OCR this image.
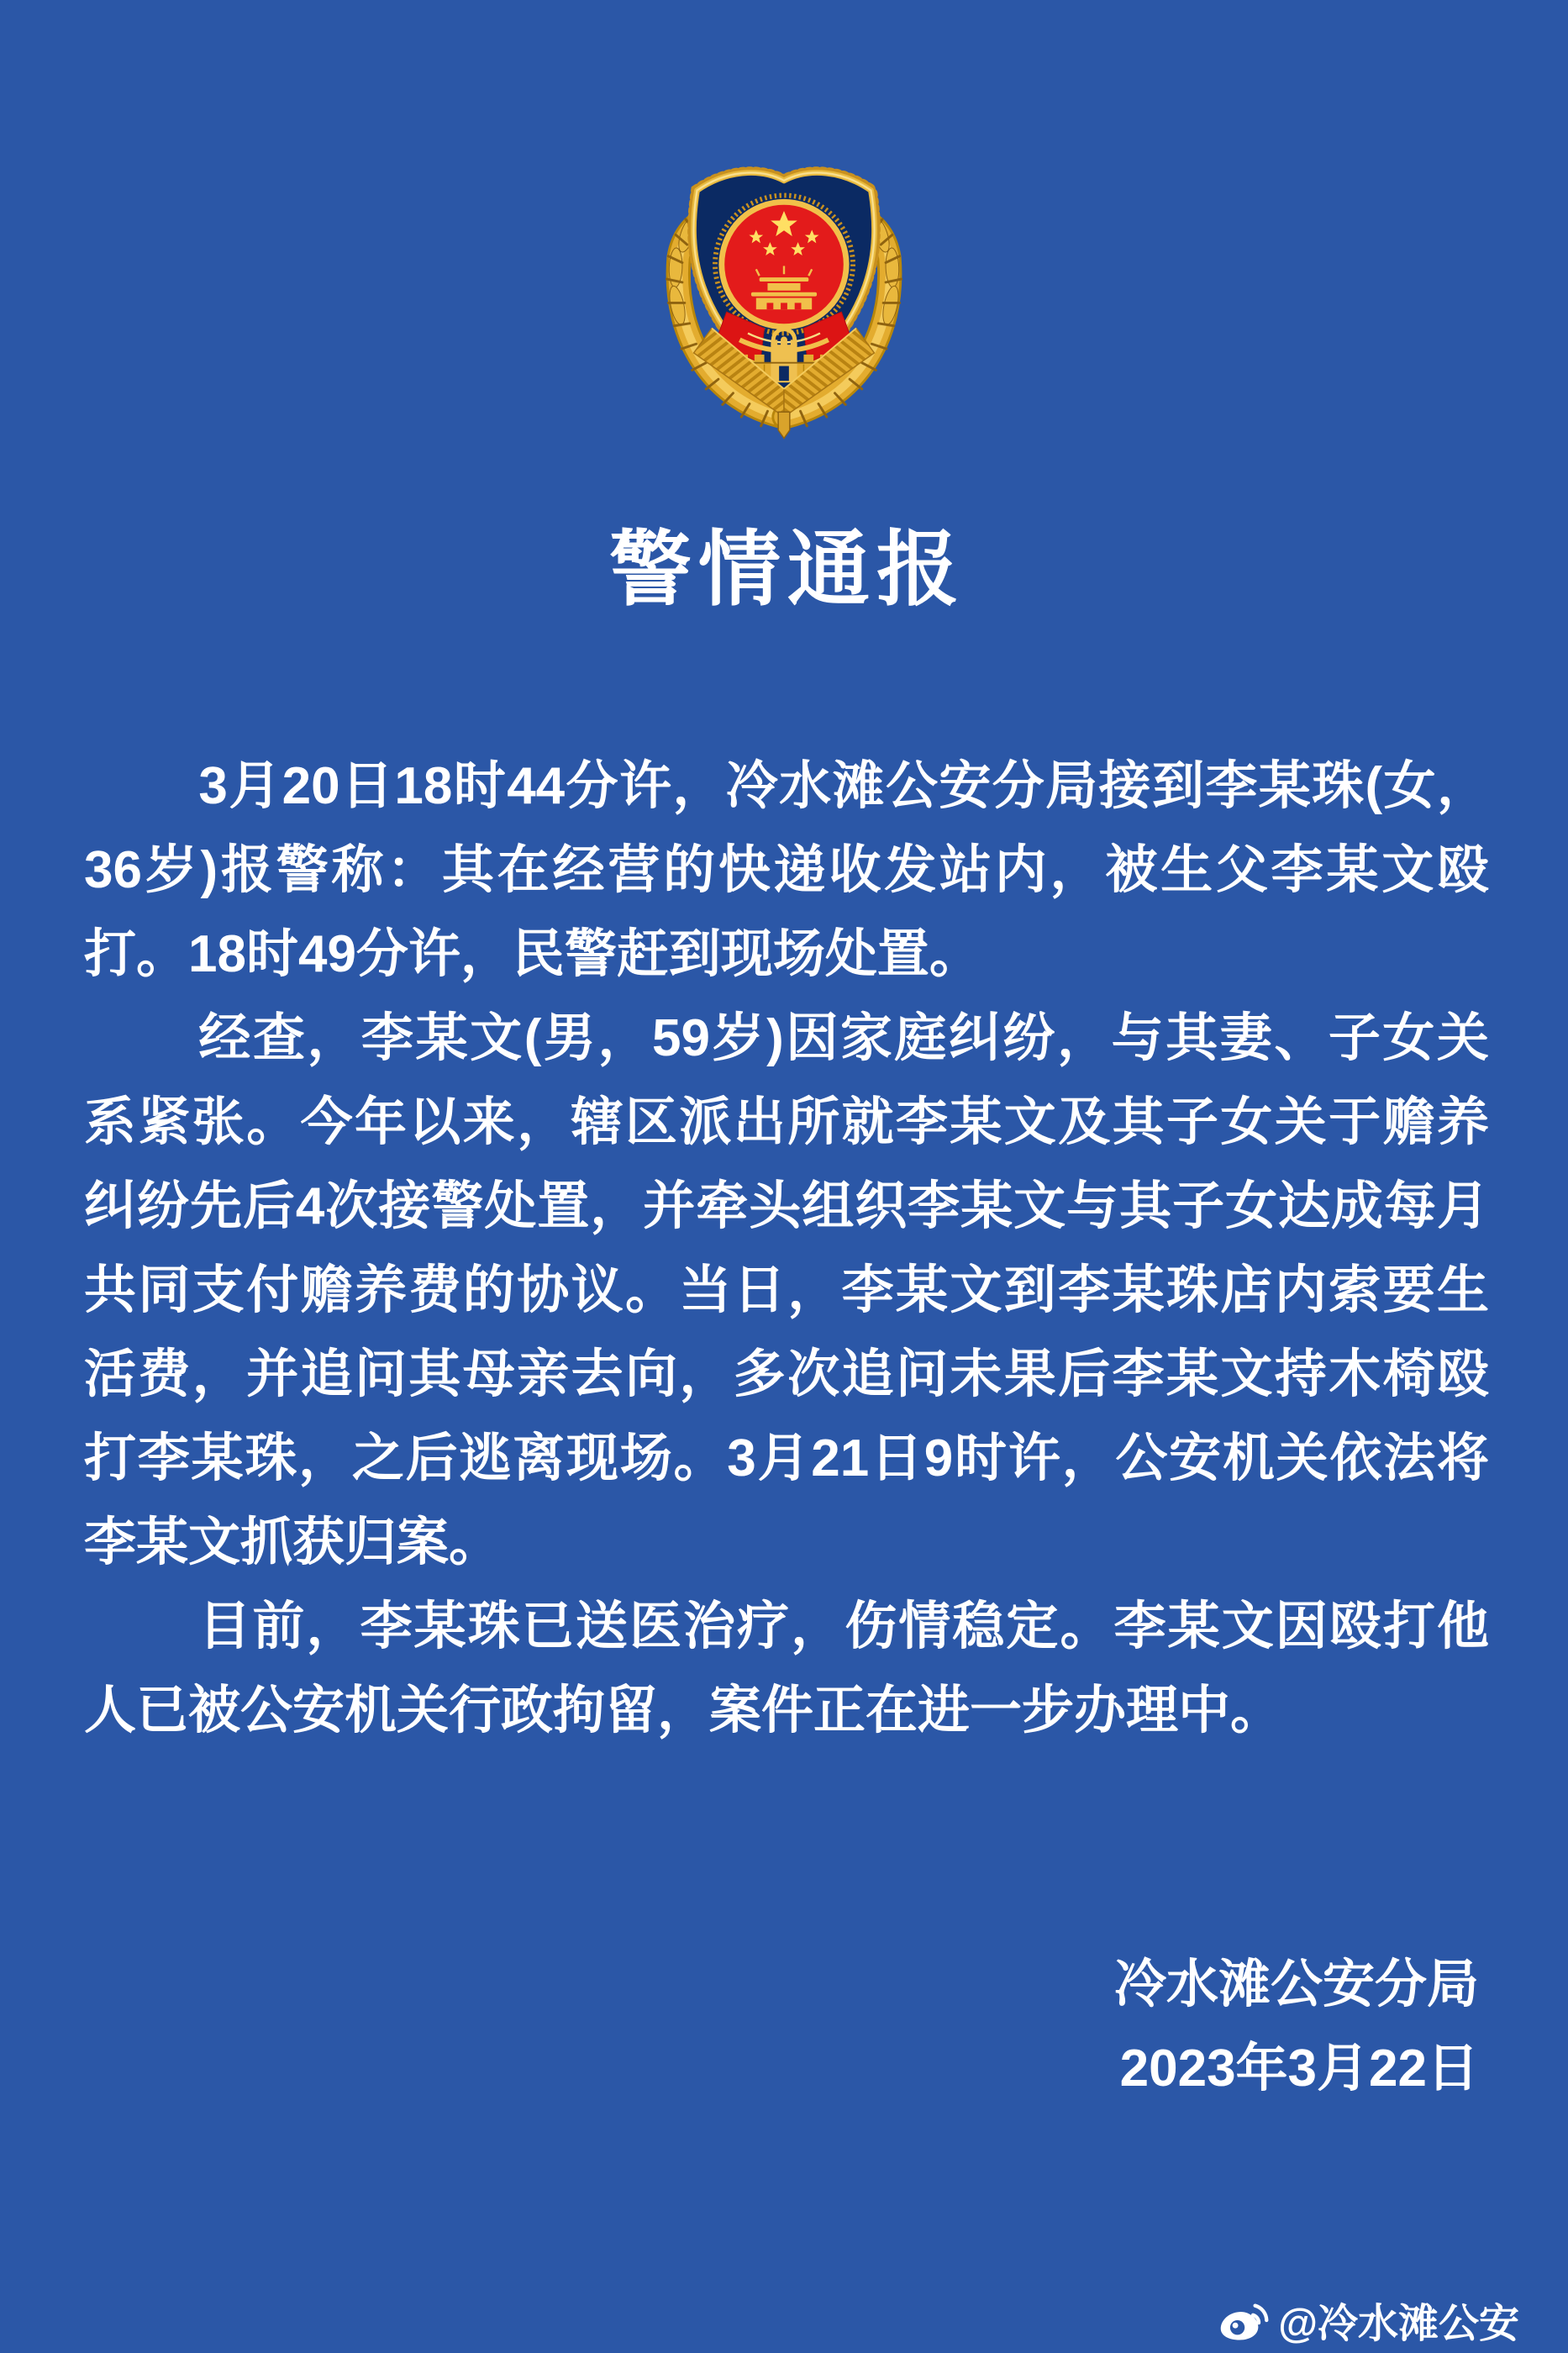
警情通报

3月20日18时44分许，冷水滩公安分局接到李某珠(女，36岁)报警称：其在经营的快递收发站内，被生父李某文殴打。18时49分许，民警赶到现场处置。

经查，李某文(男，59岁)因家庭纠纷，与其妻、子女关系紧张。今年以来，辖区派出所就李某文及其子女关于赡养纠纷先后4次接警处置，并牵头组织李某文与其子女达成每月共同支付赡养费的协议。当日，李某文到李某珠店内索要生活费，并追问其母亲去向，多次追问未果后李某文持木椅殴打李某珠，之后逃离现场。3月21日9时许，公安机关依法将李某文抓获归案。

目前，李某珠已送医治疗，伤情稳定。李某文因殴打他人已被公安机关行政拘留，案件正在进一步办理中。

冷水滩公安分局
2023年3月22日
@冷水滩公安
